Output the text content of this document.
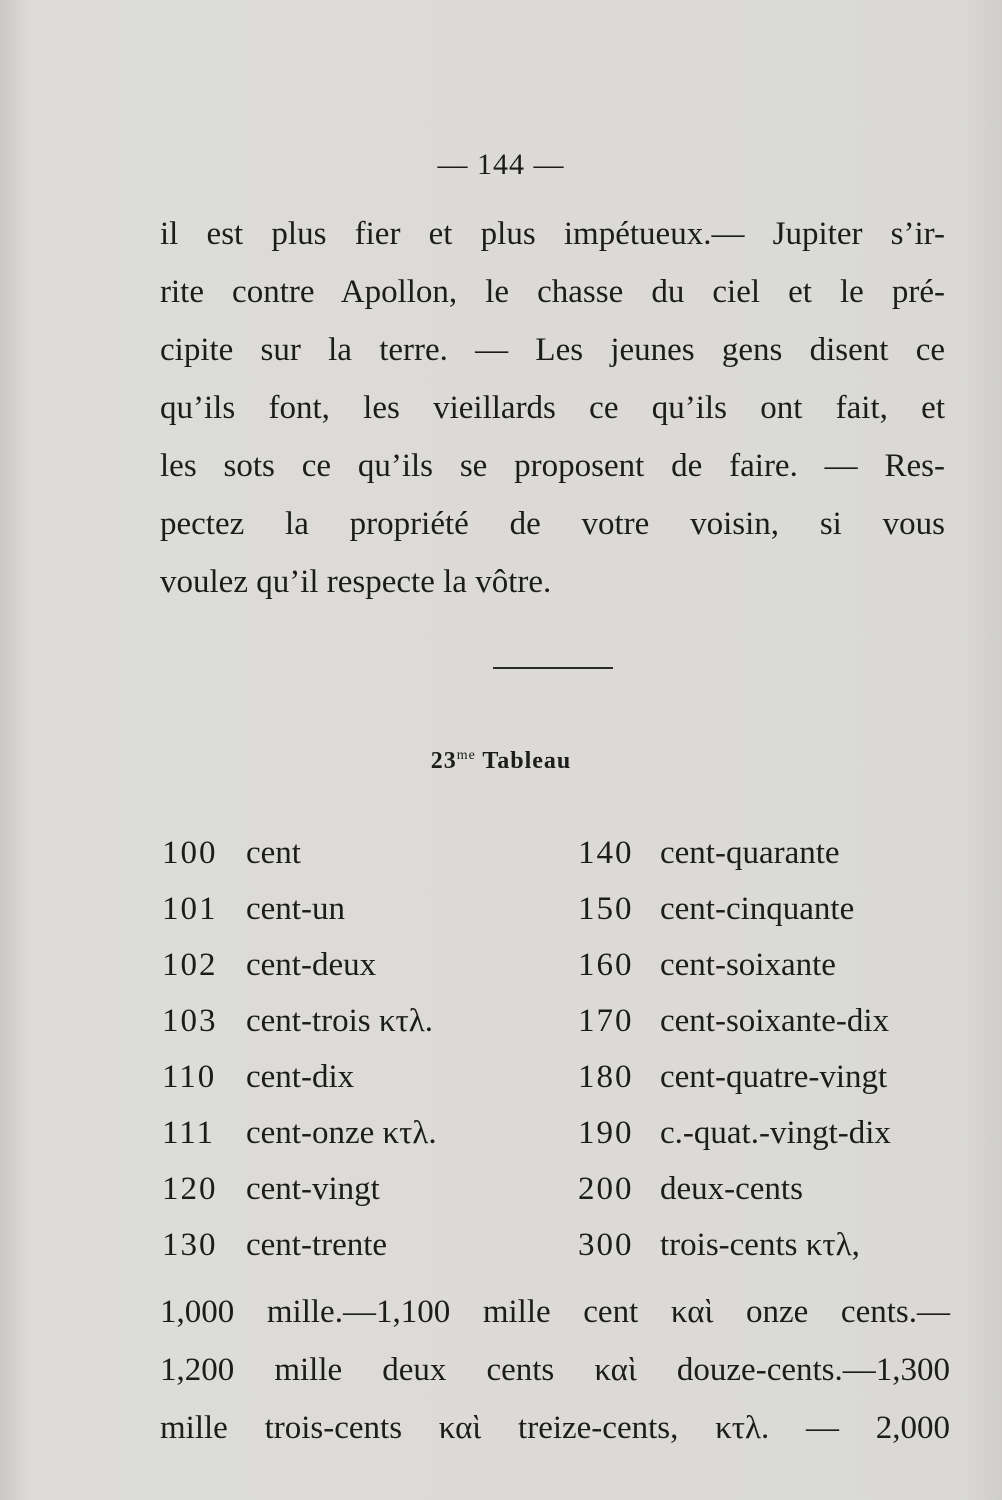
— 144 —
il est plus fier et plus impétueux.— Jupiter s’ir-
rite contre Apollon, le chasse du ciel et le pré-
cipite sur la terre. — Les jeunes gens disent ce
qu’ils font, les vieillards ce qu’ils ont fait, et
les sots ce qu’ils se proposent de faire. — Res-
pectez la propriété de votre voisin, si vous
voulez qu’il respecte la vôtre.
$23^{me}$ Tableau
100 cent	140 cent-quarante
101 cent-un	150 cent-cinquante
102 cent-deux	160 cent-soixante
103 cent-trois κτλ.	170 cent-soixante-dix
110 cent-dix	180 cent-quatre-vingt
111 cent-onze κτλ.	190 c.-quat.-vingt-dix
120 cent-vingt	200 deux-cents
130 cent-trente	300 trois-cents κτλ,
1,000 mille.—1,100 mille cent καὶ onze cents.—
1,200 mille deux cents καὶ douze-cents.—1,300
mille trois-cents καὶ treize-cents, κτλ. — 2,000
